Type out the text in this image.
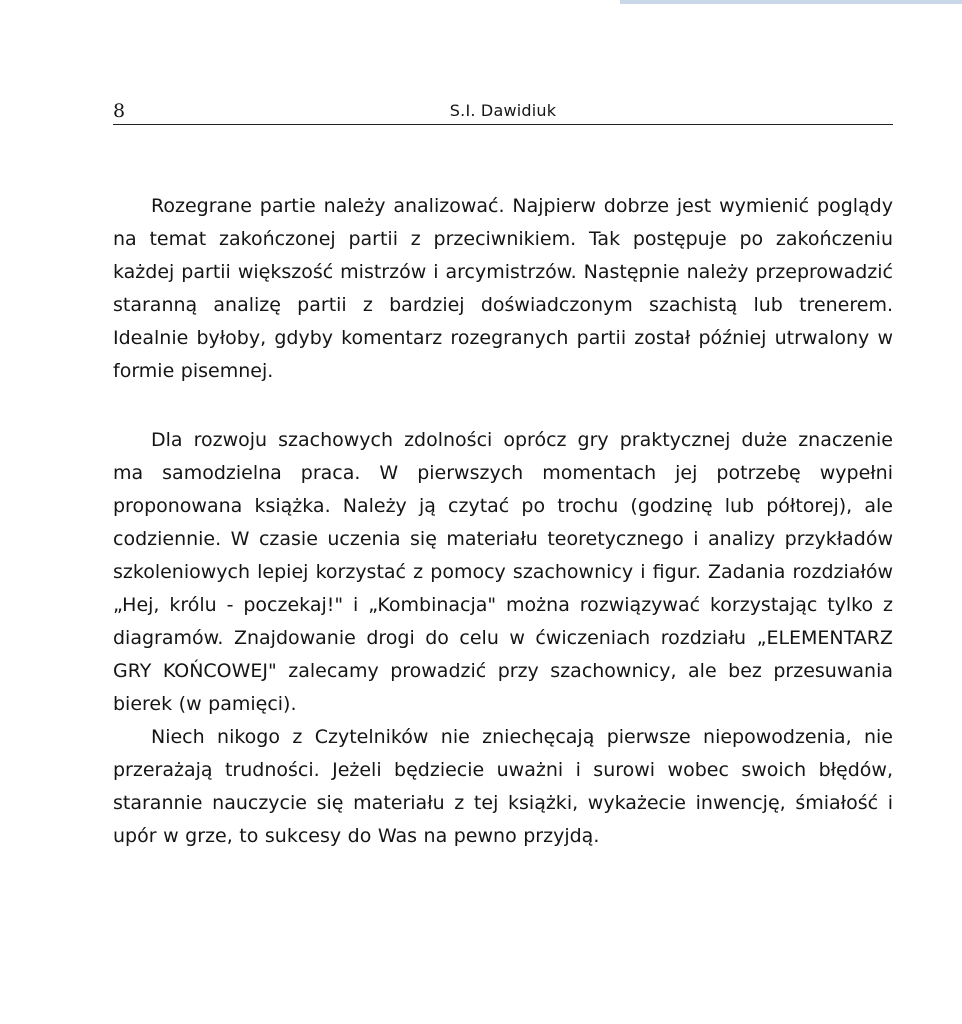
8	S.I. Dawidiuk

Rozegrane partie należy analizować. Najpierw dobrze jest wymienić poglądy na temat zakończonej partii z przeciwnikiem. Tak postępuje po zakończeniu każdej partii większość mistrzów i arcymistrzów. Następnie należy przeprowadzić staranną analizę partii z bardziej doświadczonym szachistą lub trenerem. Idealnie byłoby, gdyby komentarz rozegranych partii został później utrwalony w formie pisemnej.

Dla rozwoju szachowych zdolności oprócz gry praktycznej duże znaczenie ma samodzielna praca. W pierwszych momentach jej potrzebę wypełni proponowana książka. Należy ją czytać po trochu (godzinę lub półtorej), ale codziennie. W czasie uczenia się materiału teoretycznego i analizy przykładów szkoleniowych lepiej korzystać z pomocy szachownicy i figur. Zadania rozdziałów „Hej, królu - poczekaj!" i „Kombinacja" można rozwiązywać korzystając tylko z diagramów. Znajdowanie drogi do celu w ćwiczeniach rozdziału „ELEMENTARZ GRY KOŃCOWEJ" zalecamy prowadzić przy szachownicy, ale bez przesuwania bierek (w pamięci).

Niech nikogo z Czytelników nie zniechęcają pierwsze niepowodzenia, nie przerażają trudności. Jeżeli będziecie uważni i surowi wobec swoich błędów, starannie nauczycie się materiału z tej książki, wykażecie inwencję, śmiałość i upór w grze, to sukcesy do Was na pewno przyjdą.
